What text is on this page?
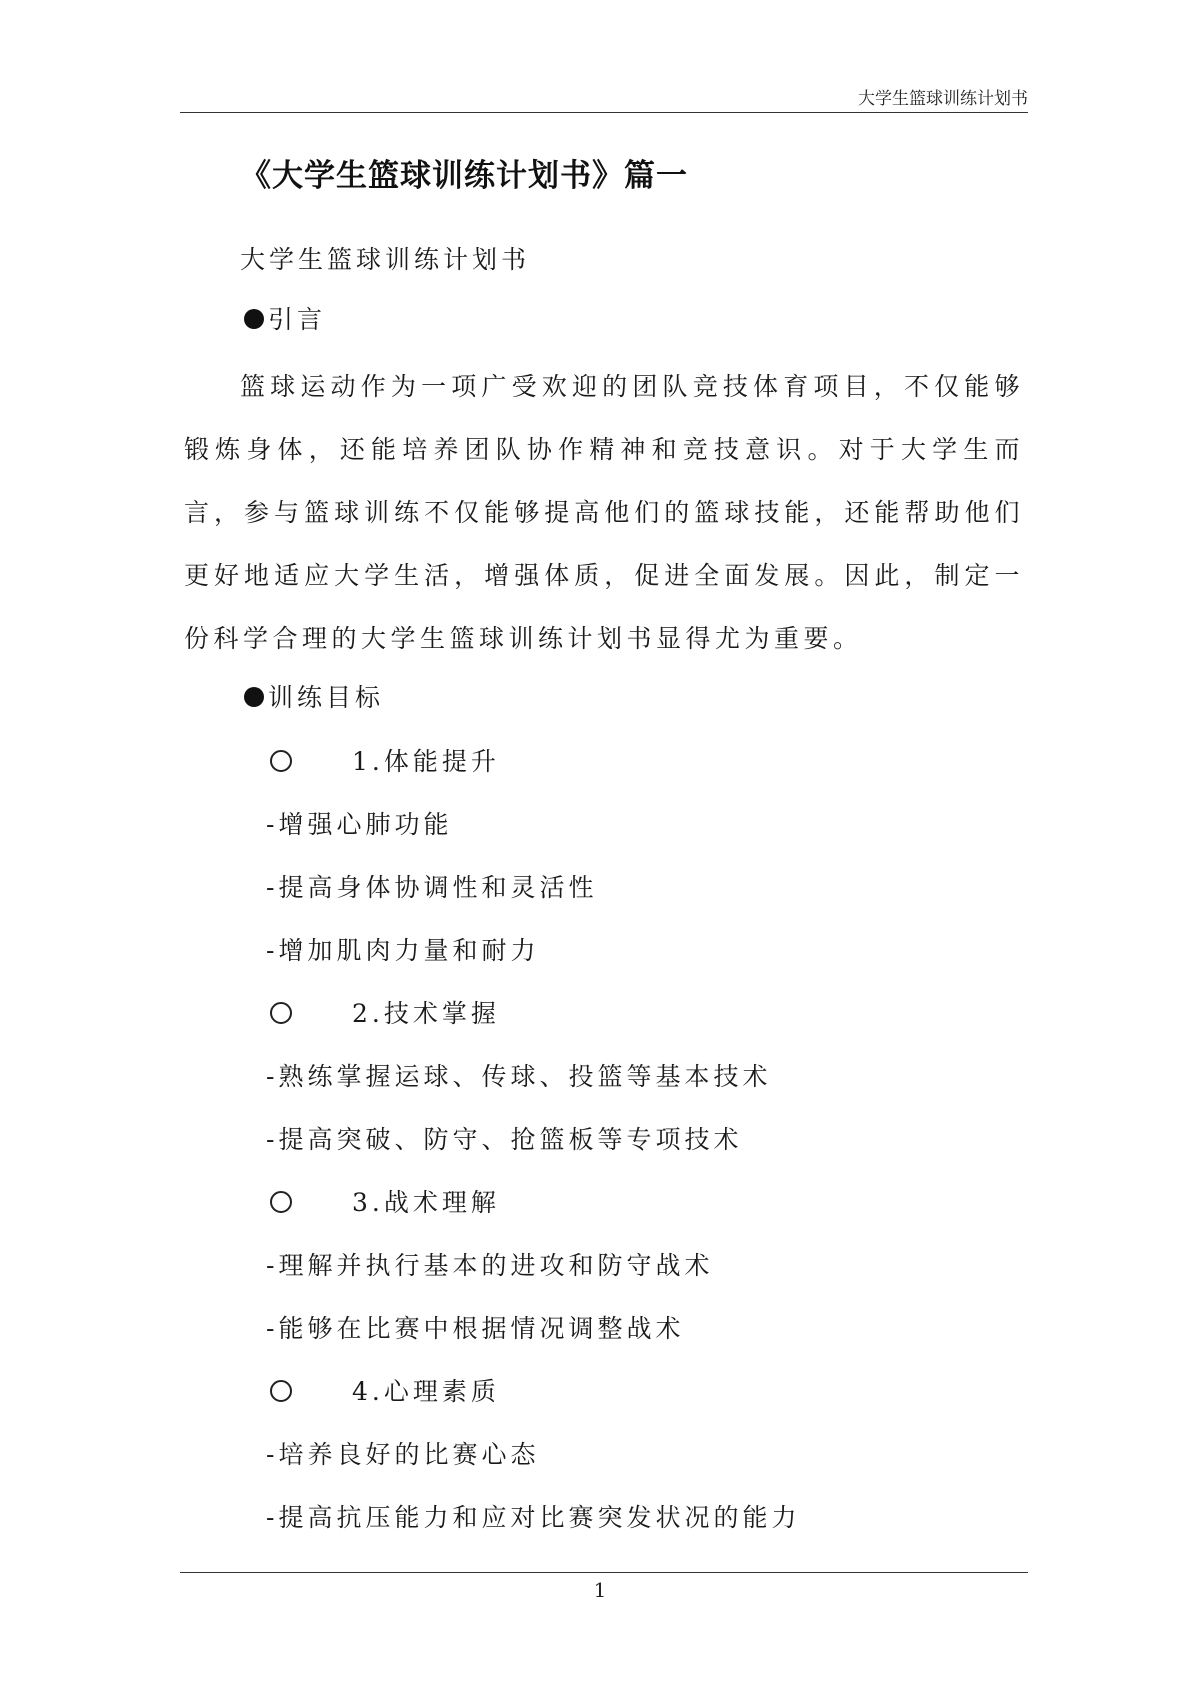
大学生篮球训练计划书
《大学生篮球训练计划书》篇一
大学生篮球训练计划书
引言
篮球运动作为一项广受欢迎的团队竞技体育项目，不仅能够锻炼身体，还能培养团队协作精神和竞技意识。对于大学生而言，参与篮球训练不仅能够提高他们的篮球技能，还能帮助他们更好地适应大学生活，增强体质，促进全面发展。因此，制定一份科学合理的大学生篮球训练计划书显得尤为重要。
训练目标
1.体能提升
-增强心肺功能
-提高身体协调性和灵活性
-增加肌肉力量和耐力
2.技术掌握
-熟练掌握运球、传球、投篮等基本技术
-提高突破、防守、抢篮板等专项技术
3.战术理解
-理解并执行基本的进攻和防守战术
-能够在比赛中根据情况调整战术
4.心理素质
-培养良好的比赛心态
-提高抗压能力和应对比赛突发状况的能力
1
